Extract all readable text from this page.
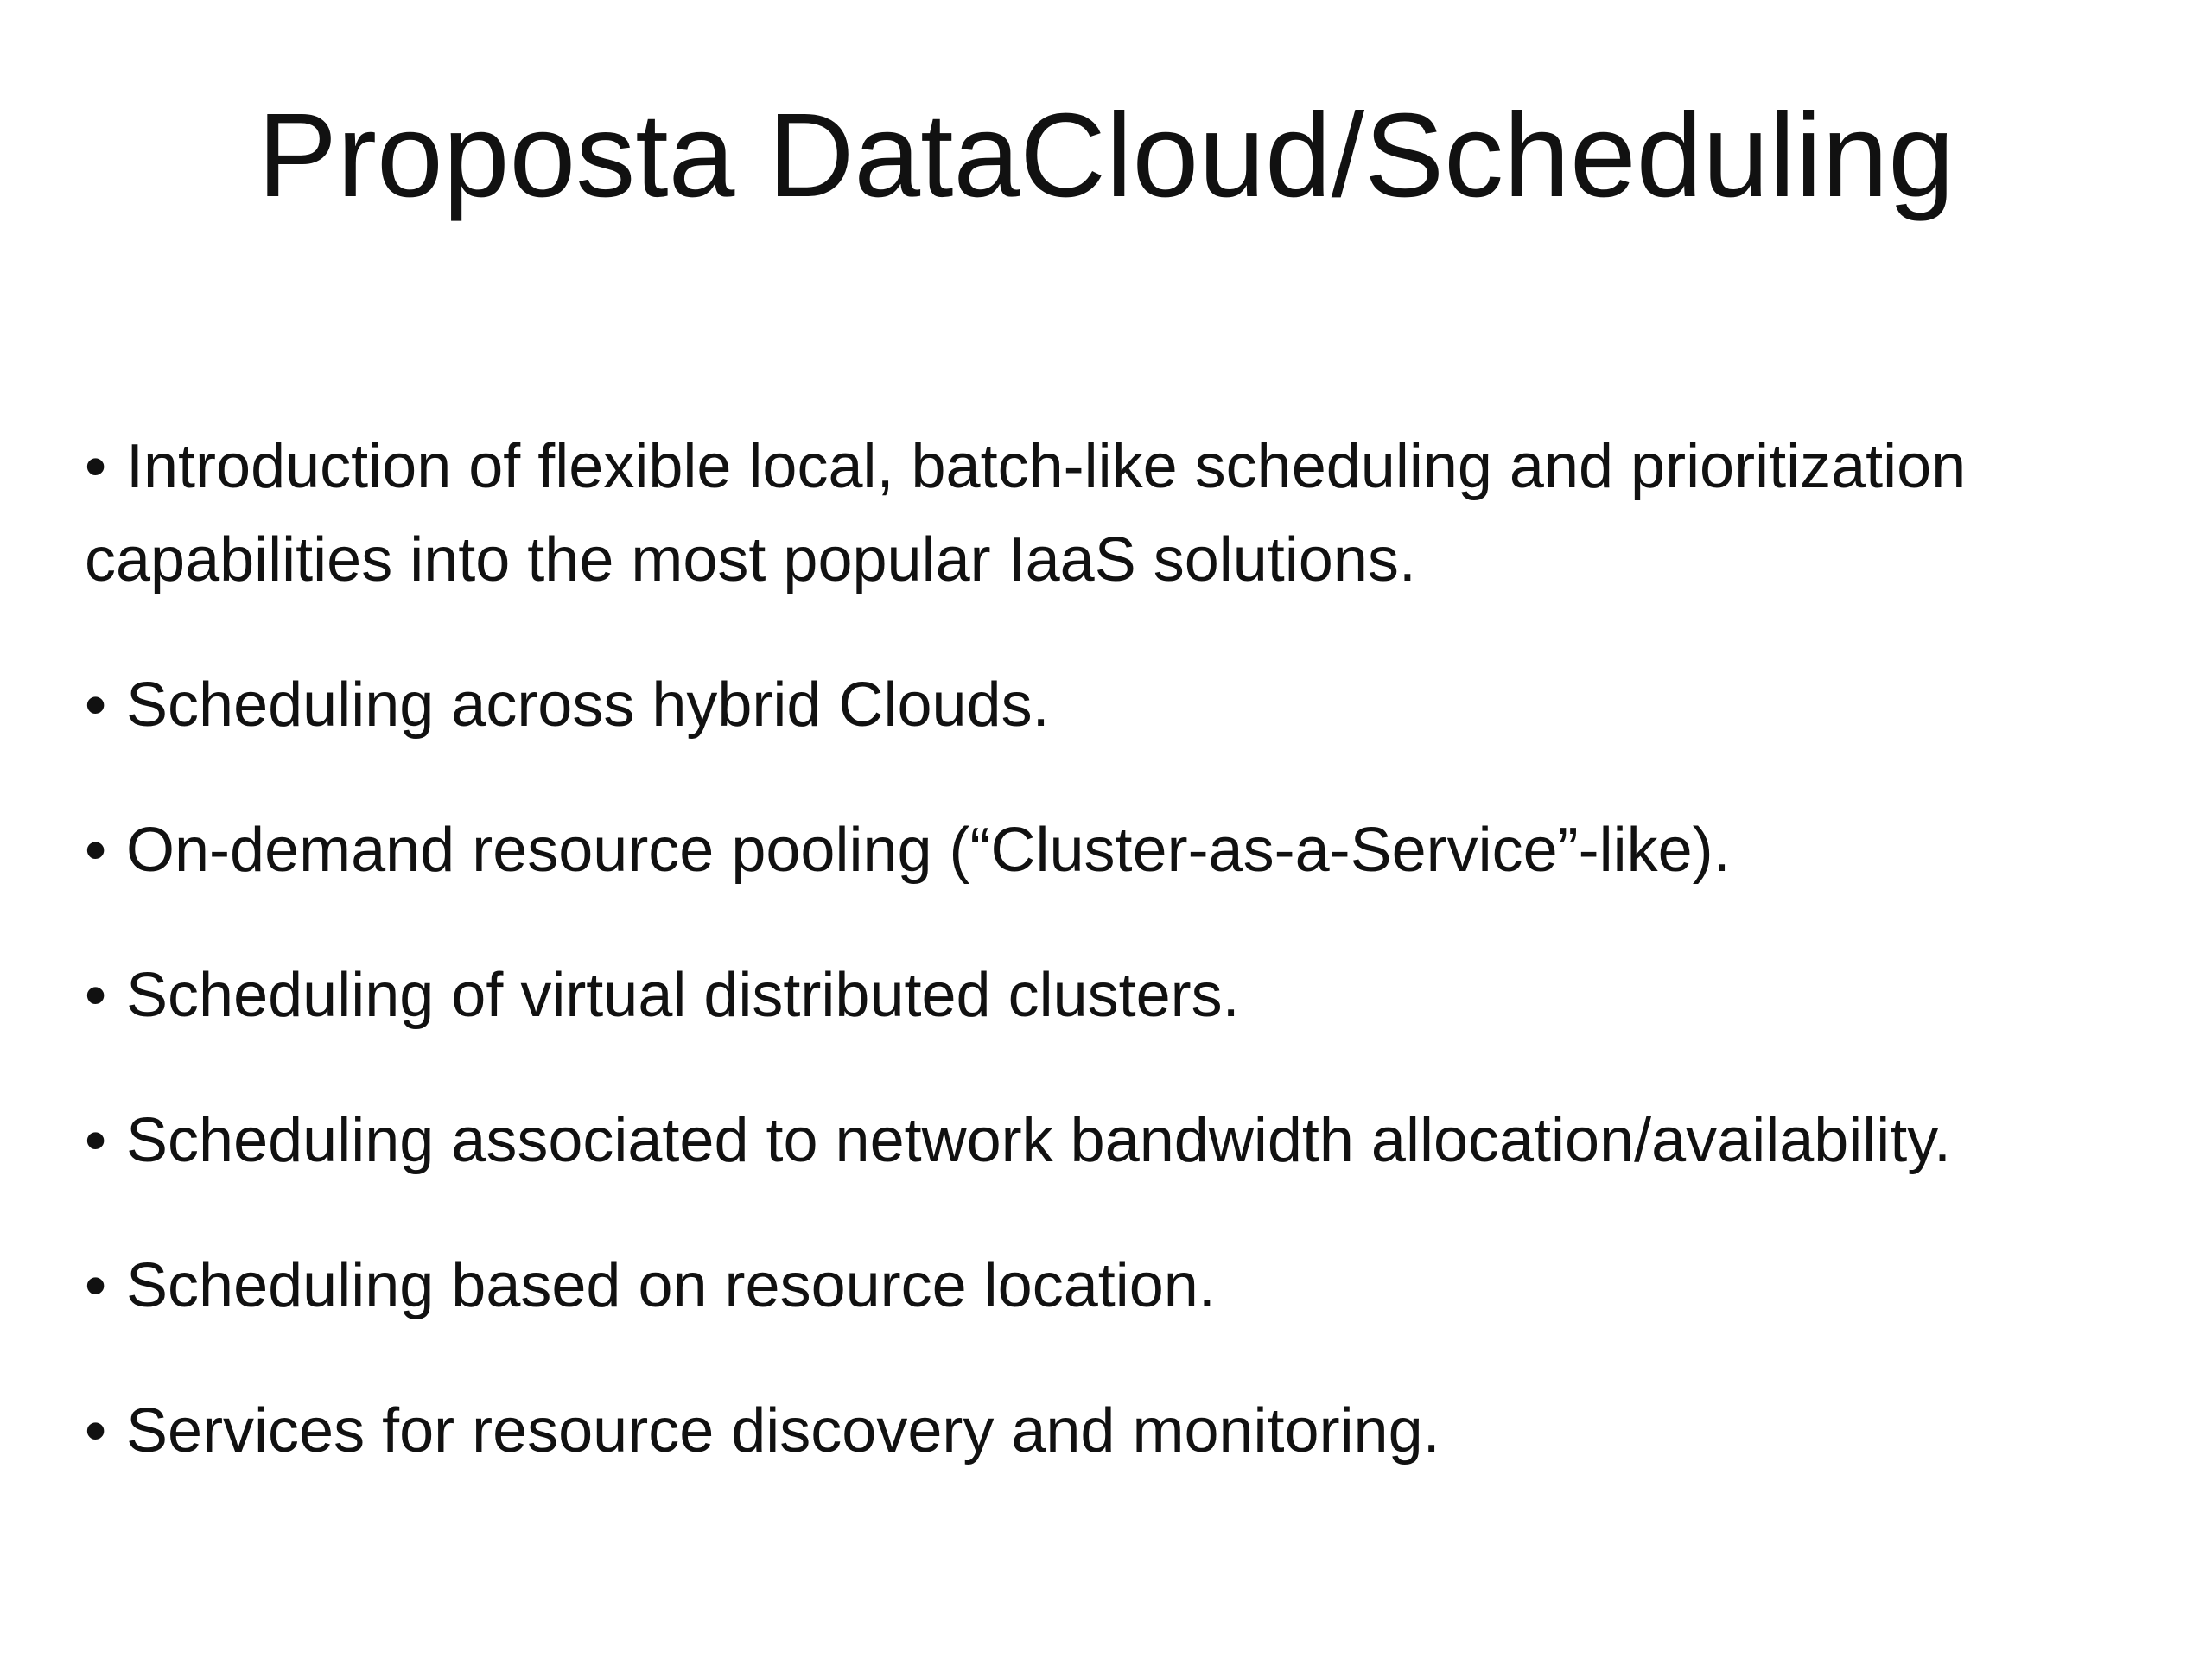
Proposta DataCloud/Scheduling
• Introduction of flexible local, batch-like scheduling and prioritization capabilities into the most popular IaaS solutions.
• Scheduling across hybrid Clouds.
• On-demand resource pooling (“Cluster-as-a-Service”-like).
• Scheduling of virtual distributed clusters.
• Scheduling associated to network bandwidth allocation/availability.
• Scheduling based on resource location.
• Services for resource discovery and monitoring.
